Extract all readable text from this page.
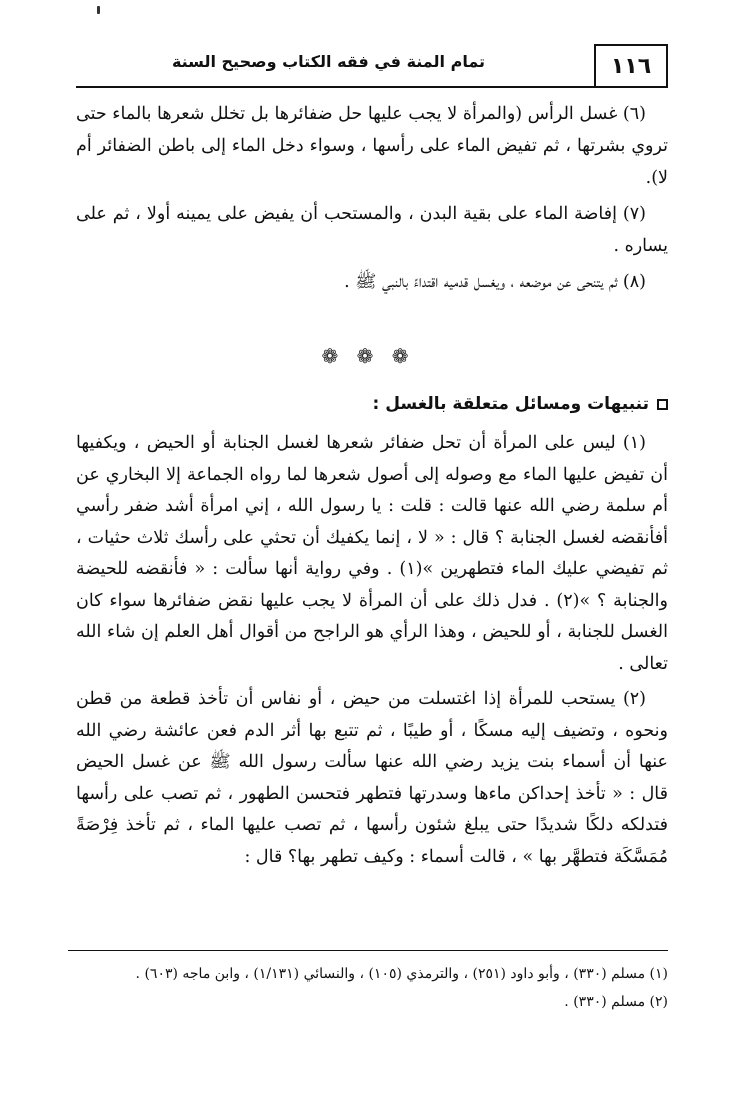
١١٦
تمام المنة في فقه الكتاب وصحيح السنة

(٦) غسل الرأس (والمرأة لا يجب عليها حل ضفائرها بل تخلل شعرها بالماء حتى تروي بشرتها ، ثم تفيض الماء على رأسها ، وسواء دخل الماء إلى باطن الضفائر أم لا).

(٧) إفاضة الماء على بقية البدن ، والمستحب أن يفيض على يمينه أولا ، ثم على يساره .

(٨) ثم يتنحى عن موضعه ، ويغسل قدميه اقتداءً بالنبي ﷺ .

❁ ❁ ❁
تنبيهات ومسائل متعلقة بالغسل :

(١) ليس على المرأة أن تحل ضفائر شعرها لغسل الجنابة أو الحيض ، ويكفيها أن تفيض عليها الماء مع وصوله إلى أصول شعرها لما رواه الجماعة إلا البخاري عن أم سلمة رضي الله عنها قالت : قلت : يا رسول الله ، إني امرأة أشد ضفر رأسي أفأنقضه لغسل الجنابة ؟ قال : « لا ، إنما يكفيك أن تحثي على رأسك ثلاث حثيات ، ثم تفيضي عليك الماء فتطهرين »(١) . وفي رواية أنها سألت : « فأنقضه للحيضة والجنابة ؟ »(٢) . فدل ذلك على أن المرأة لا يجب عليها نقض ضفائرها سواء كان الغسل للجنابة ، أو للحيض ، وهذا الرأي هو الراجح من أقوال أهل العلم إن شاء الله تعالى .

(٢) يستحب للمرأة إذا اغتسلت من حيض ، أو نفاس أن تأخذ قطعة من قطن ونحوه ، وتضيف إليه مسكًا ، أو طيبًا ، ثم تتبع بها أثر الدم فعن عائشة رضي الله عنها أن أسماء بنت يزيد رضي الله عنها سألت رسول الله ﷺ عن غسل الحيض قال : « تأخذ إحداكن ماءها وسدرتها فتطهر فتحسن الطهور ، ثم تصب على رأسها فتدلكه دلكًا شديدًا حتى يبلغ شئون رأسها ، ثم تصب عليها الماء ، ثم تأخذ فِرْصَةً مُمَسَّكَة فتطهَّر بها » ، قالت أسماء : وكيف تطهر بها؟ قال :

(١) مسلم (٣٣٠) ، وأبو داود (٢٥١) ، والترمذي (١٠٥) ، والنسائي (١/١٣١) ، وابن ماجه (٦٠٣) .

(٢) مسلم (٣٣٠) .
